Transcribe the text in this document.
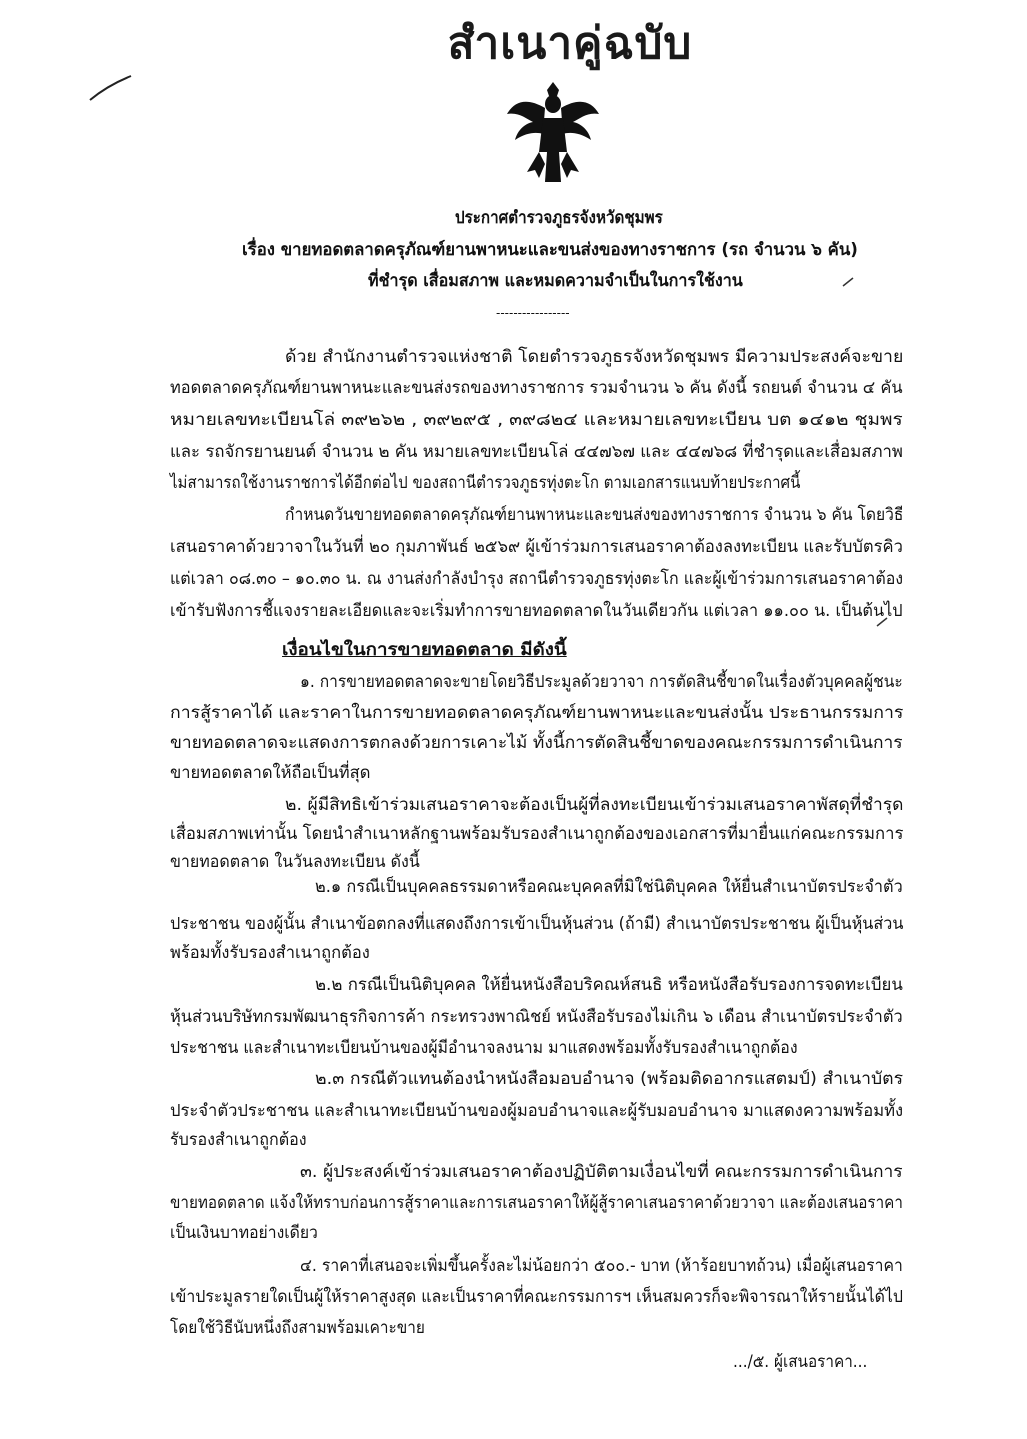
สำเนาคู่ฉบับ
ประกาศตำรวจภูธรจังหวัดชุมพร
เรื่อง ขายทอดตลาดครุภัณฑ์ยานพาหนะและขนส่งของทางราชการ (รถ จำนวน ๖ คัน)
ที่ชำรุด เสื่อมสภาพ และหมดความจำเป็นในการใช้งาน
-----------------
ด้วย สำนักงานตำรวจแห่งชาติ โดยตำรวจภูธรจังหวัดชุมพร มีความประสงค์จะขาย
ทอดตลาดครุภัณฑ์ยานพาหนะและขนส่งรถของทางราชการ รวมจำนวน ๖ คัน ดังนี้ รถยนต์ จำนวน ๔ คัน
หมายเลขทะเบียนโล่ ๓๙๒๖๒ , ๓๙๒๙๕ , ๓๙๘๒๔ และหมายเลขทะเบียน บต ๑๔๑๒ ชุมพร
และ รถจักรยานยนต์ จำนวน ๒ คัน หมายเลขทะเบียนโล่ ๔๔๗๖๗ และ ๔๔๗๖๘ ที่ชำรุดและเสื่อมสภาพ
ไม่สามารถใช้งานราชการได้อีกต่อไป ของสถานีตำรวจภูธรทุ่งตะโก ตามเอกสารแนบท้ายประกาศนี้
กำหนดวันขายทอดตลาดครุภัณฑ์ยานพาหนะและขนส่งของทางราชการ จำนวน ๖ คัน โดยวิธี
เสนอราคาด้วยวาจาในวันที่ ๒๐ กุมภาพันธ์ ๒๕๖๙ ผู้เข้าร่วมการเสนอราคาต้องลงทะเบียน และรับบัตรคิว
แต่เวลา ๐๘.๓๐ – ๑๐.๓๐ น. ณ งานส่งกำลังบำรุง สถานีตำรวจภูธรทุ่งตะโก และผู้เข้าร่วมการเสนอราคาต้อง
เข้ารับฟังการชี้แจงรายละเอียดและจะเริ่มทำการขายทอดตลาดในวันเดียวกัน แต่เวลา ๑๑.๐๐ น. เป็นต้นไป
เงื่อนไขในการขายทอดตลาด มีดังนี้
๑. การขายทอดตลาดจะขายโดยวิธีประมูลด้วยวาจา การตัดสินชี้ขาดในเรื่องตัวบุคคลผู้ชนะ
การสู้ราคาได้ และราคาในการขายทอดตลาดครุภัณฑ์ยานพาหนะและขนส่งนั้น ประธานกรรมการ
ขายทอดตลาดจะแสดงการตกลงด้วยการเคาะไม้ ทั้งนี้การตัดสินชี้ขาดของคณะกรรมการดำเนินการ
ขายทอดตลาดให้ถือเป็นที่สุด
๒. ผู้มีสิทธิเข้าร่วมเสนอราคาจะต้องเป็นผู้ที่ลงทะเบียนเข้าร่วมเสนอราคาพัสดุที่ชำรุด
เสื่อมสภาพเท่านั้น โดยนำสำเนาหลักฐานพร้อมรับรองสำเนาถูกต้องของเอกสารที่มายื่นแก่คณะกรรมการ
ขายทอดตลาด ในวันลงทะเบียน ดังนี้
๒.๑ กรณีเป็นบุคคลธรรมดาหรือคณะบุคคลที่มิใช่นิติบุคคล ให้ยื่นสำเนาบัตรประจำตัว
ประชาชน ของผู้นั้น สำเนาข้อตกลงที่แสดงถึงการเข้าเป็นหุ้นส่วน (ถ้ามี) สำเนาบัตรประชาชน ผู้เป็นหุ้นส่วน
พร้อมทั้งรับรองสำเนาถูกต้อง
๒.๒ กรณีเป็นนิติบุคคล ให้ยื่นหนังสือบริคณห์สนธิ หรือหนังสือรับรองการจดทะเบียน
หุ้นส่วนบริษัทกรมพัฒนาธุรกิจการค้า กระทรวงพาณิชย์ หนังสือรับรองไม่เกิน ๖ เดือน สำเนาบัตรประจำตัว
ประชาชน และสำเนาทะเบียนบ้านของผู้มีอำนาจลงนาม มาแสดงพร้อมทั้งรับรองสำเนาถูกต้อง
๒.๓ กรณีตัวแทนต้องนำหนังสือมอบอำนาจ (พร้อมติดอากรแสตมป์) สำเนาบัตร
ประจำตัวประชาชน และสำเนาทะเบียนบ้านของผู้มอบอำนาจและผู้รับมอบอำนาจ มาแสดงความพร้อมทั้ง
รับรองสำเนาถูกต้อง
๓. ผู้ประสงค์เข้าร่วมเสนอราคาต้องปฏิบัติตามเงื่อนไขที่ คณะกรรมการดำเนินการ
ขายทอดตลาด แจ้งให้ทราบก่อนการสู้ราคาและการเสนอราคาให้ผู้สู้ราคาเสนอราคาด้วยวาจา และต้องเสนอราคา
เป็นเงินบาทอย่างเดียว
๔. ราคาที่เสนอจะเพิ่มขึ้นครั้งละไม่น้อยกว่า ๕๐๐.- บาท (ห้าร้อยบาทถ้วน) เมื่อผู้เสนอราคา
เข้าประมูลรายใดเป็นผู้ให้ราคาสูงสุด และเป็นราคาที่คณะกรรมการฯ เห็นสมควรก็จะพิจารณาให้รายนั้นได้ไป
โดยใช้วิธีนับหนึ่งถึงสามพร้อมเคาะขาย
.../๕. ผู้เสนอราคา...
